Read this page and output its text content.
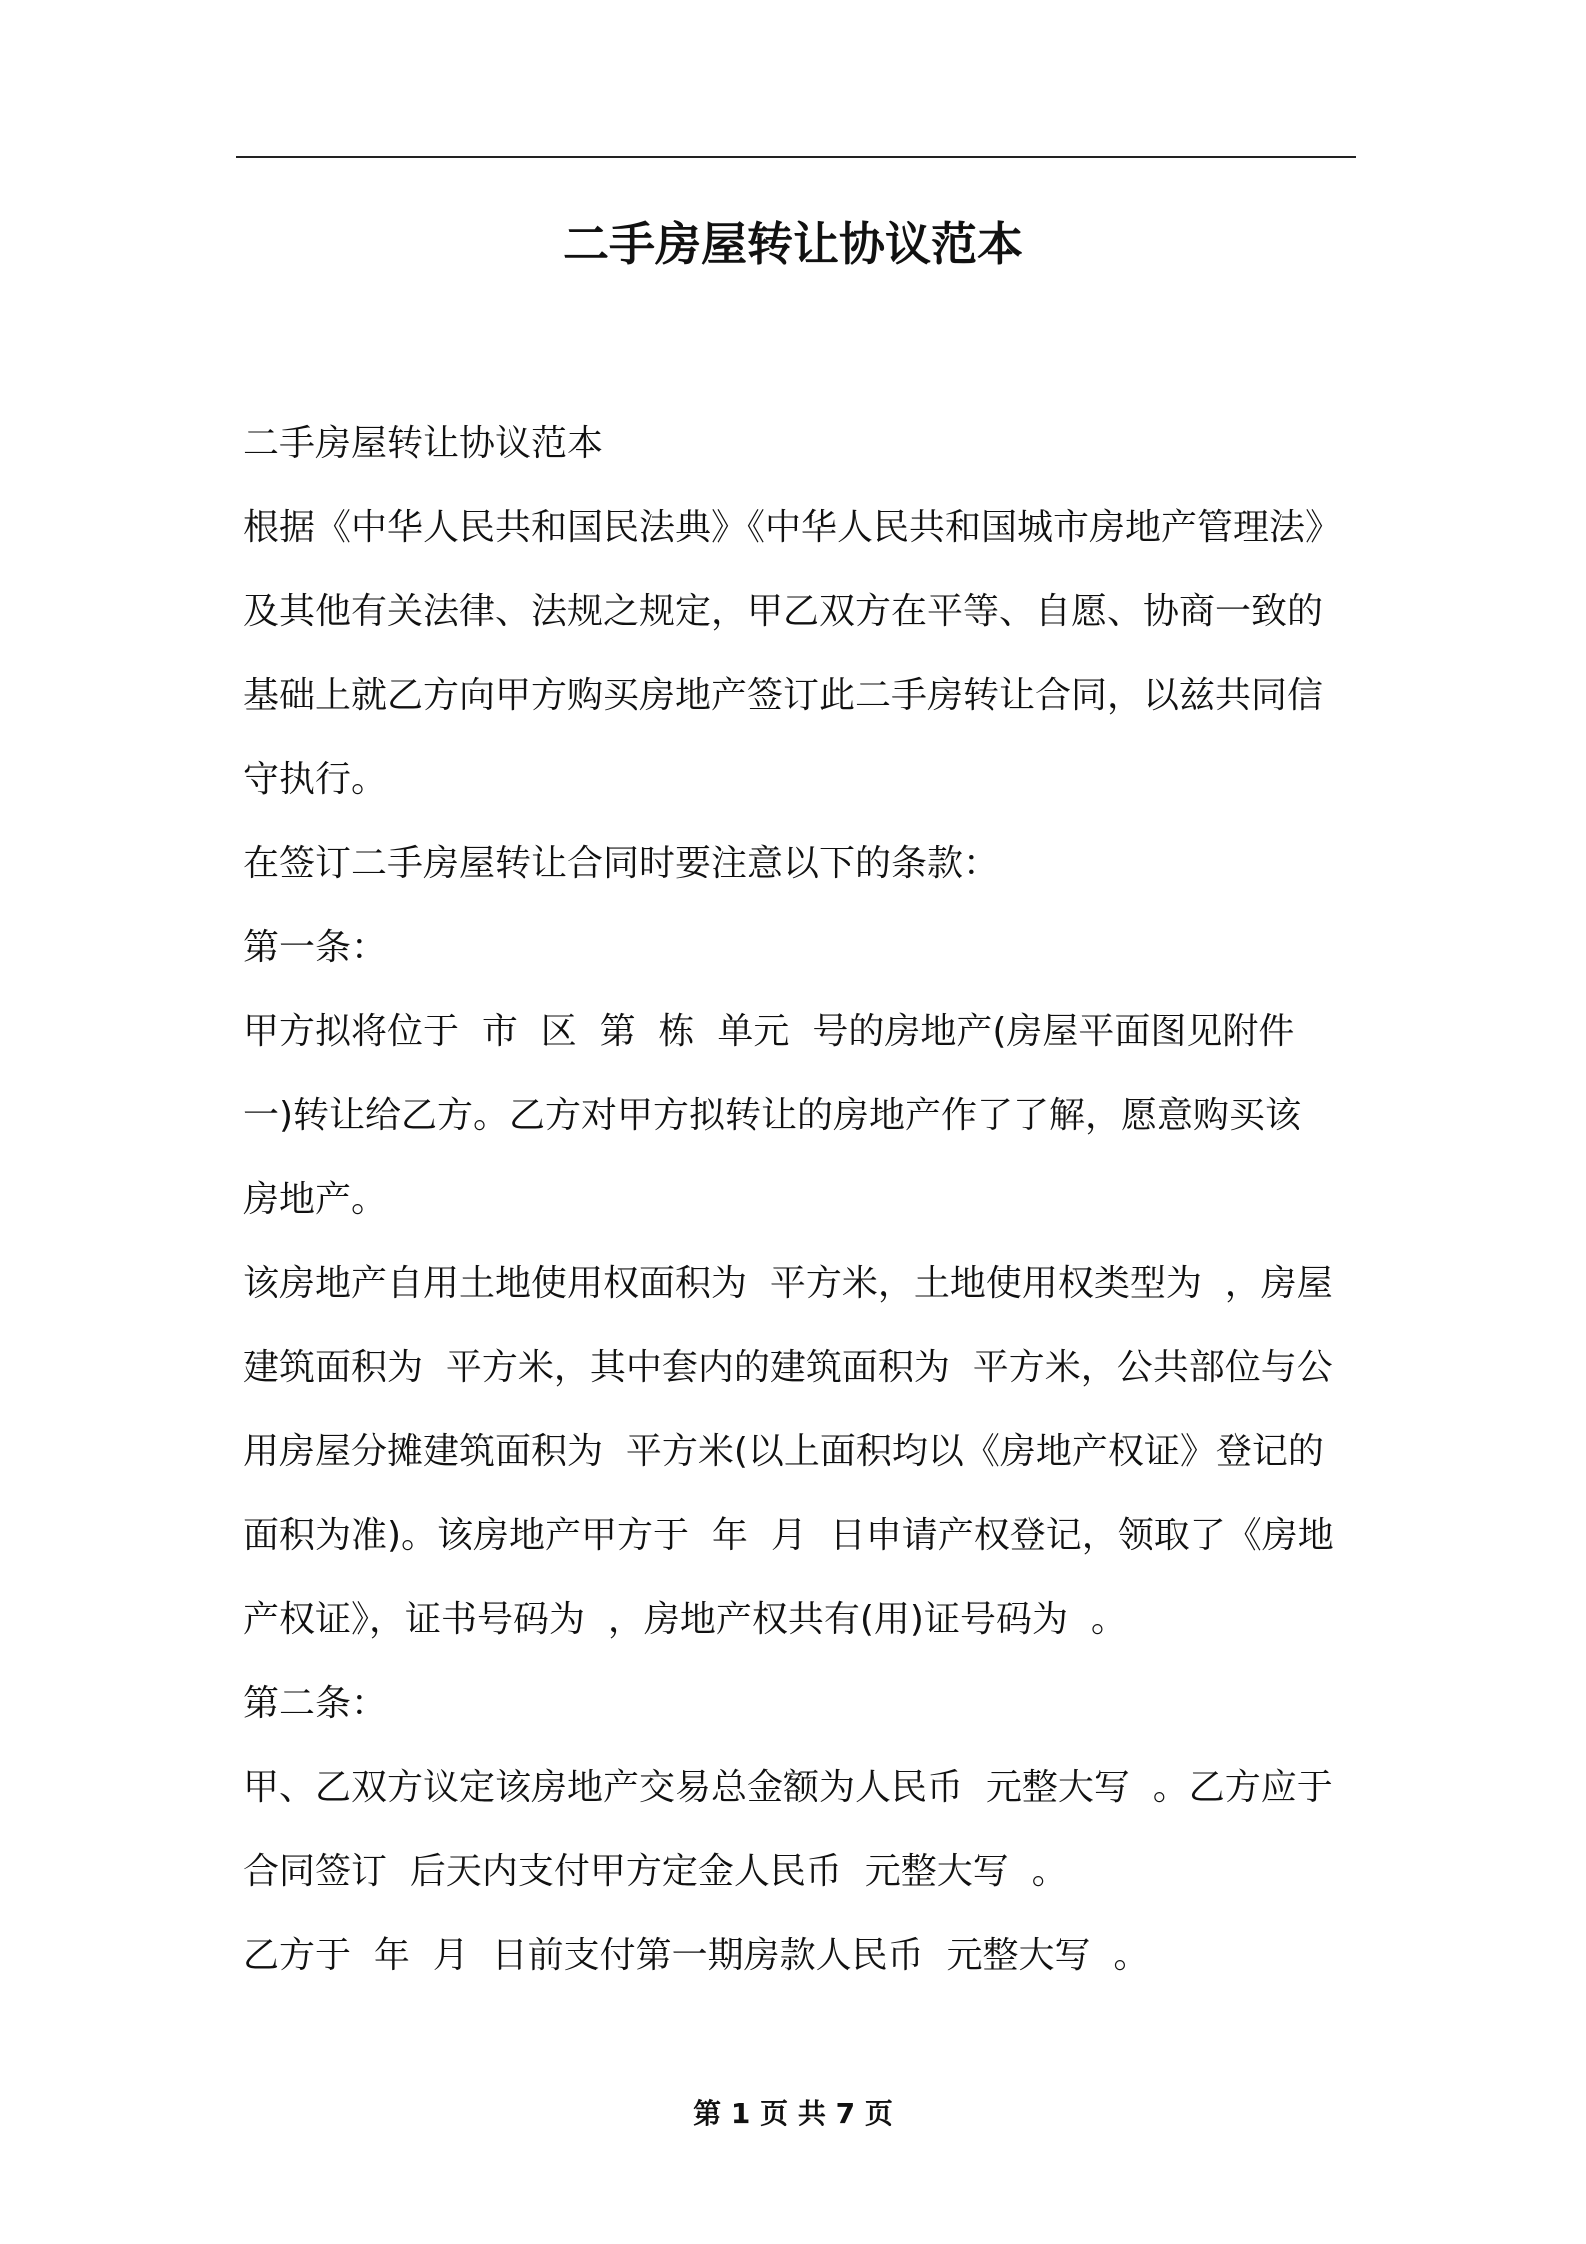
二手房屋转让协议范本

二手房屋转让协议范本

根据《中华人民共和国民法典》《中华人民共和国城市房地产管理法》

及其他有关法律、法规之规定，甲乙双方在平等、自愿、协商一致的

基础上就乙方向甲方购买房地产签订此二手房转让合同，以兹共同信

守执行。

在签订二手房屋转让合同时要注意以下的条款：

第一条：

甲方拟将位于  市  区  第  栋  单元  号的房地产(房屋平面图见附件

一)转让给乙方。乙方对甲方拟转让的房地产作了了解，愿意购买该

房地产。

该房地产自用土地使用权面积为  平方米，土地使用权类型为  ，房屋

建筑面积为  平方米，其中套内的建筑面积为  平方米，公共部位与公

用房屋分摊建筑面积为  平方米(以上面积均以《房地产权证》登记的

面积为准)。该房地产甲方于  年  月  日申请产权登记，领取了《房地

产权证》，证书号码为  ，房地产权共有(用)证号码为  。

第二条：

甲、乙双方议定该房地产交易总金额为人民币  元整大写  。乙方应于

合同签订  后天内支付甲方定金人民币  元整大写  。

乙方于  年  月  日前支付第一期房款人民币  元整大写  。

第 1 页 共 7 页
